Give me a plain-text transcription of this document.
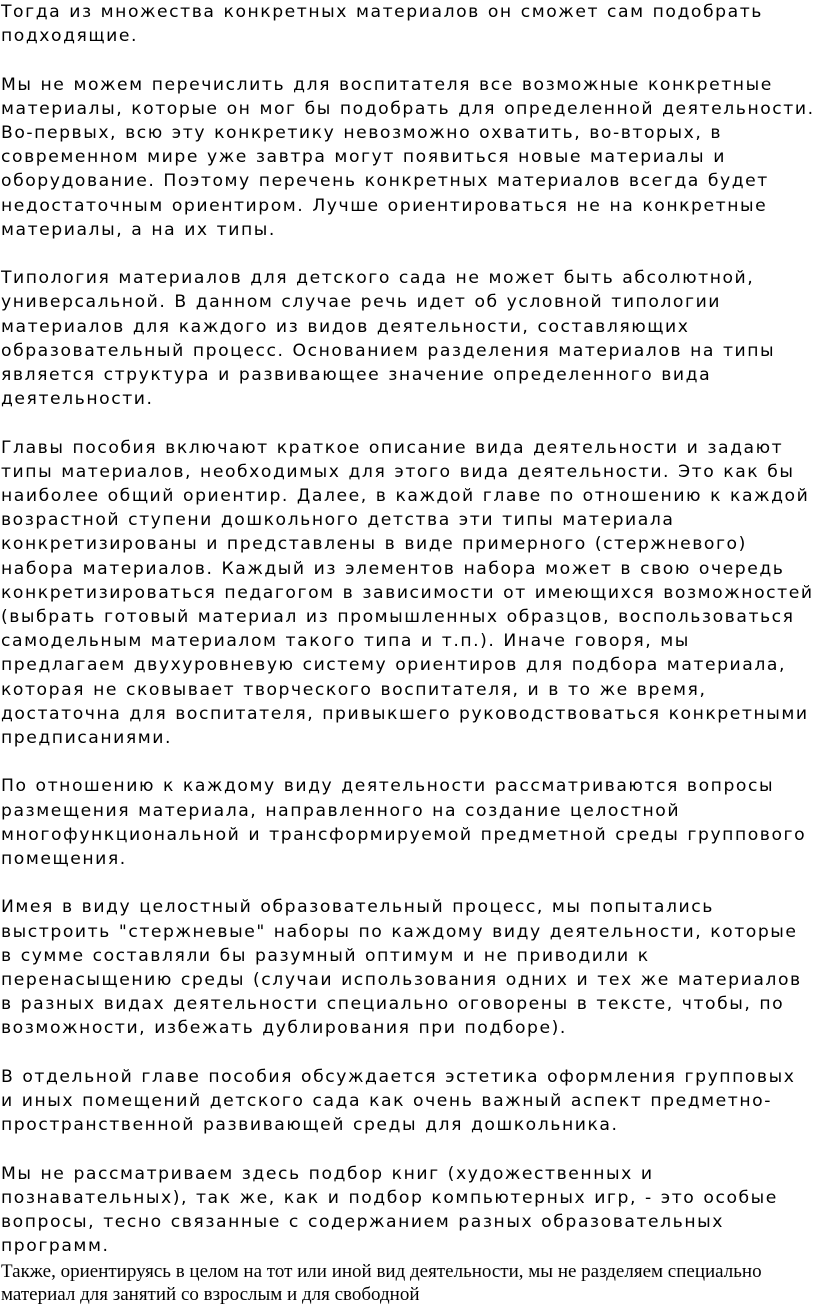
Тогда из множества конкретных материалов он сможет сам подобрать подходящие.

Мы не можем перечислить для воспитателя все возможные конкретные материалы, которые он мог бы подобрать для определенной деятельности. Во-первых, всю эту конкретику невозможно охватить, во-вторых, в современном мире уже завтра могут появиться новые материалы и оборудование. Поэтому перечень конкретных материалов всегда будет недостаточным ориентиром. Лучше ориентироваться не на конкретные материалы, а на их типы.

Типология материалов для детского сада не может быть абсолютной, универсальной. В данном случае речь идет об условной типологии материалов для каждого из видов деятельности, составляющих образовательный процесс. Основанием разделения материалов на типы является структура и развивающее значение определенного вида деятельности.

Главы пособия включают краткое описание вида деятельности и задают типы материалов, необходимых для этого вида деятельности. Это как бы наиболее общий ориентир. Далее, в каждой главе по отношению к каждой возрастной ступени дошкольного детства эти типы материала конкретизированы и представлены в виде примерного (стержневого) набора материалов. Каждый из элементов набора может в свою очередь конкретизироваться педагогом в зависимости от имеющихся возможностей (выбрать готовый материал из промышленных образцов, воспользоваться самодельным материалом такого типа и т.п.). Иначе говоря, мы предлагаем двухуровневую систему ориентиров для подбора материала, которая не сковывает творческого воспитателя, и в то же время, достаточна для воспитателя, привыкшего руководствоваться конкретными предписаниями.

По отношению к каждому виду деятельности рассматриваются вопросы размещения материала, направленного на создание целостной многофункциональной и трансформируемой предметной среды группового помещения.

Имея в виду целостный образовательный процесс, мы попытались выстроить "стержневые" наборы по каждому виду деятельности, которые в сумме составляли бы разумный оптимум и не приводили к перенасыщению среды (случаи использования одних и тех же материалов в разных видах деятельности специально оговорены в тексте, чтобы, по возможности, избежать дублирования при подборе).

В отдельной главе пособия обсуждается эстетика оформления групповых и иных помещений детского сада как очень важный аспект предметно-пространственной развивающей среды для дошкольника.

Мы не рассматриваем здесь подбор книг (художественных и познавательных), так же, как и подбор компьютерных игр, - это особые вопросы, тесно связанные с содержанием разных образовательных программ.

Также, ориентируясь в целом на тот или иной вид деятельности, мы не разделяем специально материал для занятий со взрослым и для свободной
